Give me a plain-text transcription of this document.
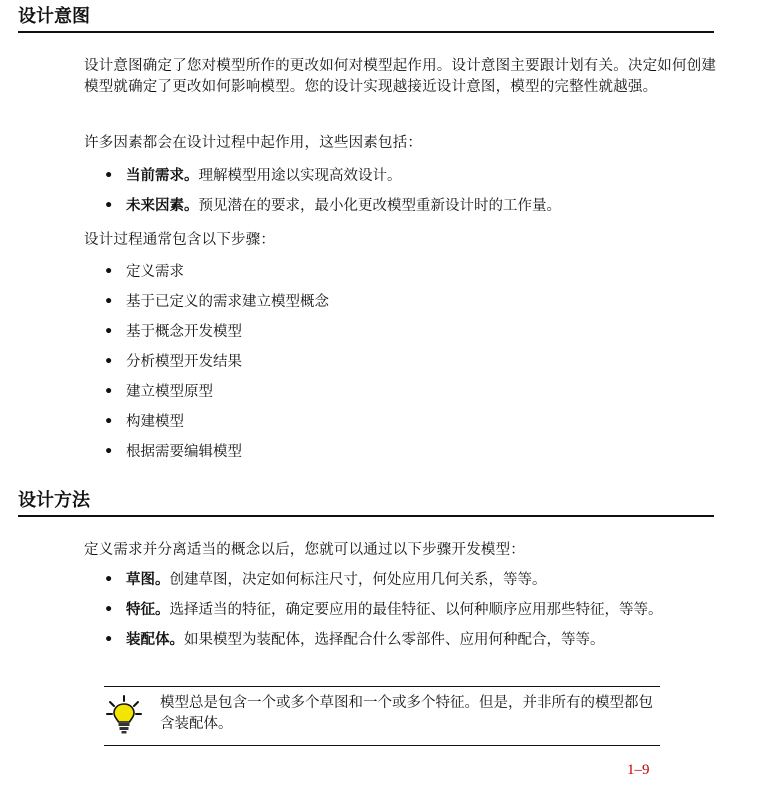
设计意图
设计意图确定了您对模型所作的更改如何对模型起作用。设计意图主要跟计划有关。决定如何创建模型就确定了更改如何影响模型。您的设计实现越接近设计意图，模型的完整性就越强。
许多因素都会在设计过程中起作用，这些因素包括：
• 当前需求。理解模型用途以实现高效设计。
• 未来因素。预见潜在的要求，最小化更改模型重新设计时的工作量。
设计过程通常包含以下步骤：
• 定义需求
• 基于已定义的需求建立模型概念
• 基于概念开发模型
• 分析模型开发结果
• 建立模型原型
• 构建模型
• 根据需要编辑模型
设计方法
定义需求并分离适当的概念以后，您就可以通过以下步骤开发模型：
• 草图。创建草图，决定如何标注尺寸，何处应用几何关系，等等。
• 特征。选择适当的特征，确定要应用的最佳特征、以何种顺序应用那些特征，等等。
• 装配体。如果模型为装配体，选择配合什么零部件、应用何种配合，等等。
模型总是包含一个或多个草图和一个或多个特征。但是，并非所有的模型都包含装配体。
1–9
